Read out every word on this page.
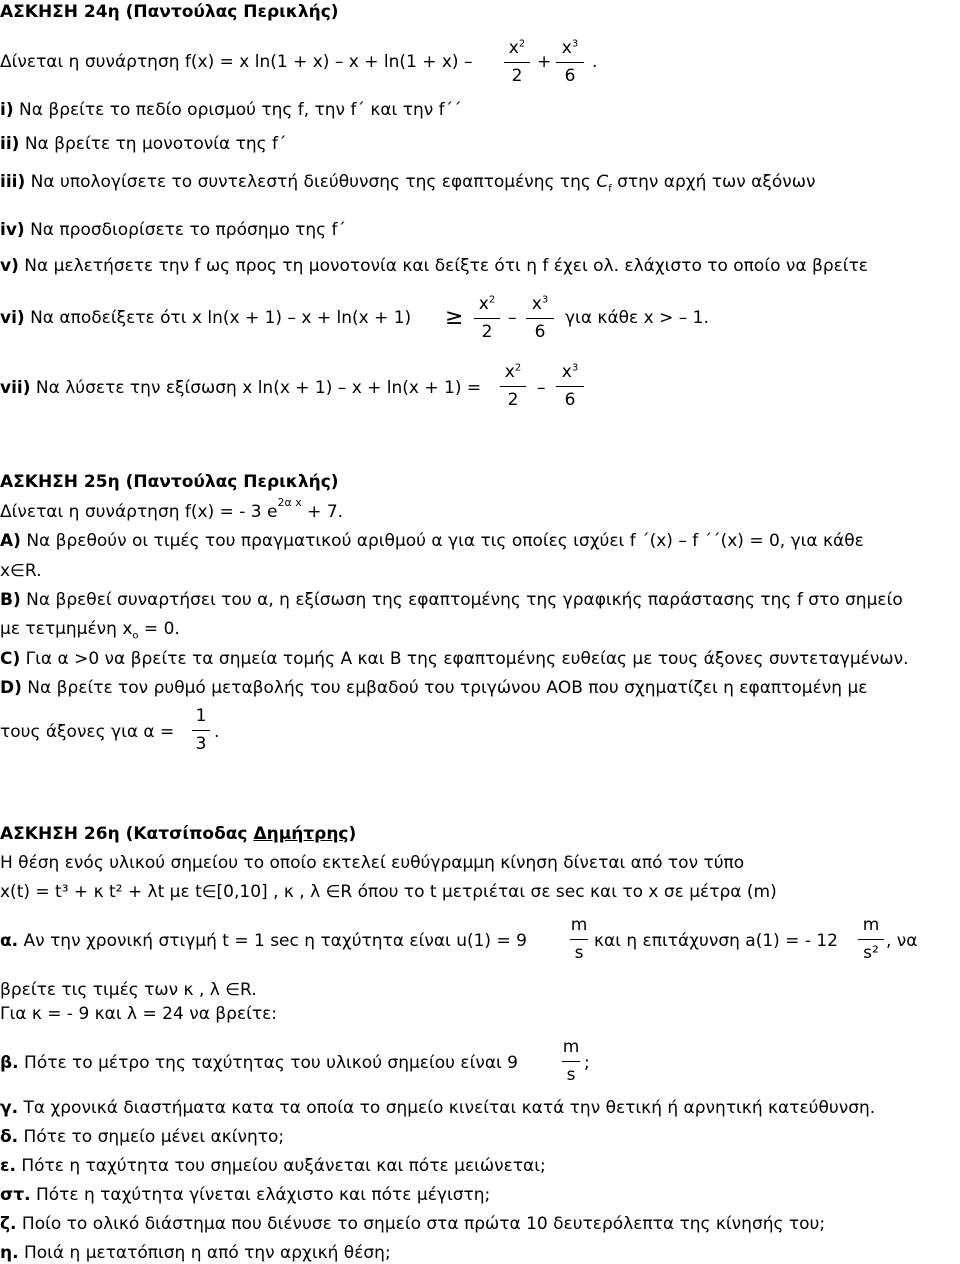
ΑΣΚΗΣΗ 24η (Παντούλας Περικλής)
Δίνεται η συνάρτηση f(x) = x ln(1 + x) – x + ln(1 + x) –
$x^2$
2
+
$x^3$
6
.
i) Να βρείτε το πεδίο ορισμού της f, την f΄ και την f΄΄
ii) Να βρείτε τη μονοτονία της f΄
iii) Να υπολογίσετε το συντελεστή διεύθυνσης της εφαπτομένης της $C_f$ στην αρχή των αξόνων
iv) Να προσδιορίσετε το πρόσημο της f΄
v) Να μελετήσετε την f ως προς τη μονοτονία και δείξτε ότι η f έχει ολ. ελάχιστο το οποίο να βρείτε
vi) Να αποδείξετε ότι x ln(x + 1) – x + ln(x + 1) ≥
$x^2$
2
–
$x^3$
6
για κάθε x > – 1.
vii) Να λύσετε την εξίσωση x ln(x + 1) – x + ln(x + 1) =
$x^2$
2
–
$x^3$
6
ΑΣΚΗΣΗ 25η (Παντούλας Περικλής)
Δίνεται η συνάρτηση f(x) = - 3 $e^{2\alpha x} + 7$.
A) Να βρεθούν οι τιμές του πραγματικού αριθμού α για τις οποίες ισχύει f ΄(x) – f ΄΄(x) = 0, για κάθε
x∈R.
B) Να βρεθεί συναρτήσει του α, η εξίσωση της εφαπτομένης της γραφικής παράστασης της f στο σημείο
με τετμημένη $x_o = 0$.
C) Για α >0 να βρείτε τα σημεία τομής Α και Β της εφαπτομένης ευθείας με τους άξονες συντεταγμένων.
D) Να βρείτε τον ρυθμό μεταβολής του εμβαδού του τριγώνου ΑΟΒ που σχηματίζει η εφαπτομένη με
τους άξονες για α =
1
3
.
ΑΣΚΗΣΗ 26η (Κατσίποδας Δημήτρης)
Η θέση ενός υλικού σημείου το οποίο εκτελεί ευθύγραμμη κίνηση δίνεται από τον τύπο
x(t) = t³ + κ t² + λt με t∈[0,10] , κ , λ ∈R όπου το t μετριέται σε sec και το x σε μέτρα (m)
α. Αν την χρονική στιγμή t = 1 sec η ταχύτητα είναι u(1) = 9
m
s
και η επιτάχυνση a(1) = - 12
m
s²
, να
βρείτε τις τιμές των κ , λ ∈R.
Για κ = - 9 και λ = 24 να βρείτε:
β. Πότε το μέτρο της ταχύτητας του υλικού σημείου είναι 9
m
s
;
γ. Τα χρονικά διαστήματα κατα τα οποία το σημείο κινείται κατά την θετική ή αρνητική κατεύθυνση.
δ. Πότε το σημείο μένει ακίνητο;
ε. Πότε η ταχύτητα του σημείου αυξάνεται και πότε μειώνεται;
στ. Πότε η ταχύτητα γίνεται ελάχιστο και πότε μέγιστη;
ζ. Ποίο το ολικό διάστημα που διένυσε το σημείο στα πρώτα 10 δευτερόλεπτα της κίνησής του;
η. Ποιά η μετατόπιση η από την αρχική θέση;
